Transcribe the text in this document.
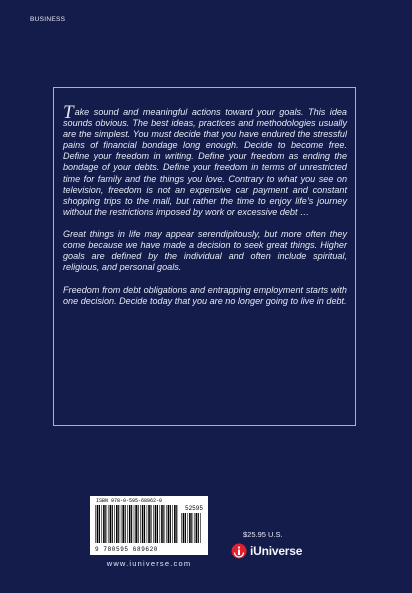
BUSINESS

Take sound and meaningful actions toward your goals. This idea sounds obvious. The best ideas, practices and methodologies usually are the simplest. You must decide that you have endured the stressful pains of financial bondage long enough. Decide to become free. Define your freedom in writing. Define your freedom as ending the bondage of your debts. Define your freedom in terms of unrestricted time for family and the things you love. Contrary to what you see on television, freedom is not an expensive car payment and constant shopping trips to the mall, but rather the time to enjoy life’s journey without the restrictions imposed by work or excessive debt …

Great things in life may appear serendipitously, but more often they come because we have made a decision to seek great things. Higher goals are defined by the individual and often include spiritual, religious, and personal goals.

Freedom from debt obligations and entrapping employment starts with one decision. Decide today that you are no longer going to live in debt.

ISBN 978-0-595-68962-0
52595
9 780595 689620
www.iuniverse.com
$25.95 U.S.
iUniverse
